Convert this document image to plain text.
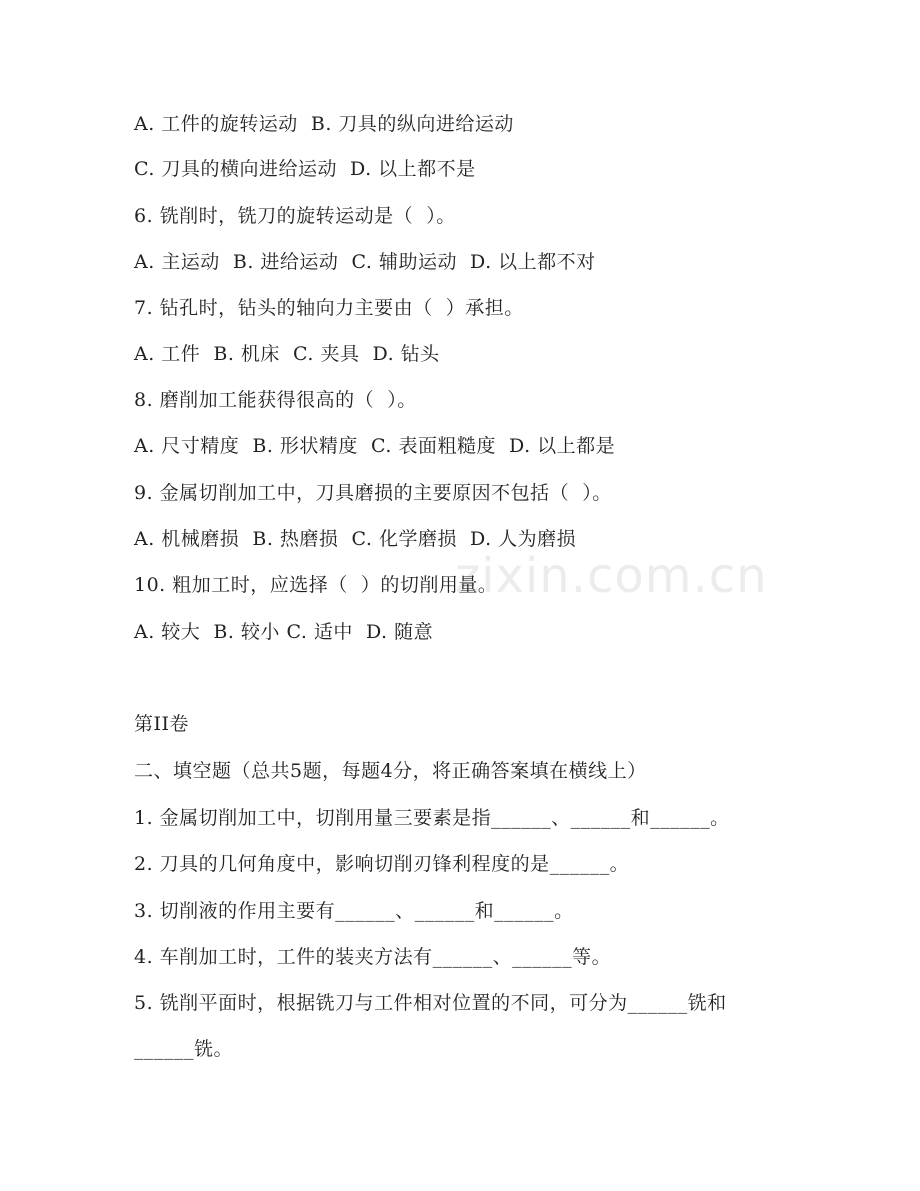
zixin.com.cn
A. 工件的旋转运动  B. 刀具的纵向进给运动
C. 刀具的横向进给运动  D. 以上都不是
6. 铣削时，铣刀的旋转运动是（  ）。
A. 主运动  B. 进给运动  C. 辅助运动  D. 以上都不对
7. 钻孔时，钻头的轴向力主要由（  ）承担。
A. 工件  B. 机床  C. 夹具  D. 钻头
8. 磨削加工能获得很高的（  ）。
A. 尺寸精度  B. 形状精度  C. 表面粗糙度  D. 以上都是
9. 金属切削加工中，刀具磨损的主要原因不包括（  ）。
A. 机械磨损  B. 热磨损  C. 化学磨损  D. 人为磨损
10. 粗加工时，应选择（  ）的切削用量。
A. 较大  B. 较小 C. 适中  D. 随意
第II卷
二、填空题（总共5题，每题4分，将正确答案填在横线上）
1. 金属切削加工中，切削用量三要素是指______、______和______。
2. 刀具的几何角度中，影响切削刃锋利程度的是______。
3. 切削液的作用主要有______、______和______。
4. 车削加工时，工件的装夹方法有______、______等。
5. 铣削平面时，根据铣刀与工件相对位置的不同，可分为______铣和______铣。
